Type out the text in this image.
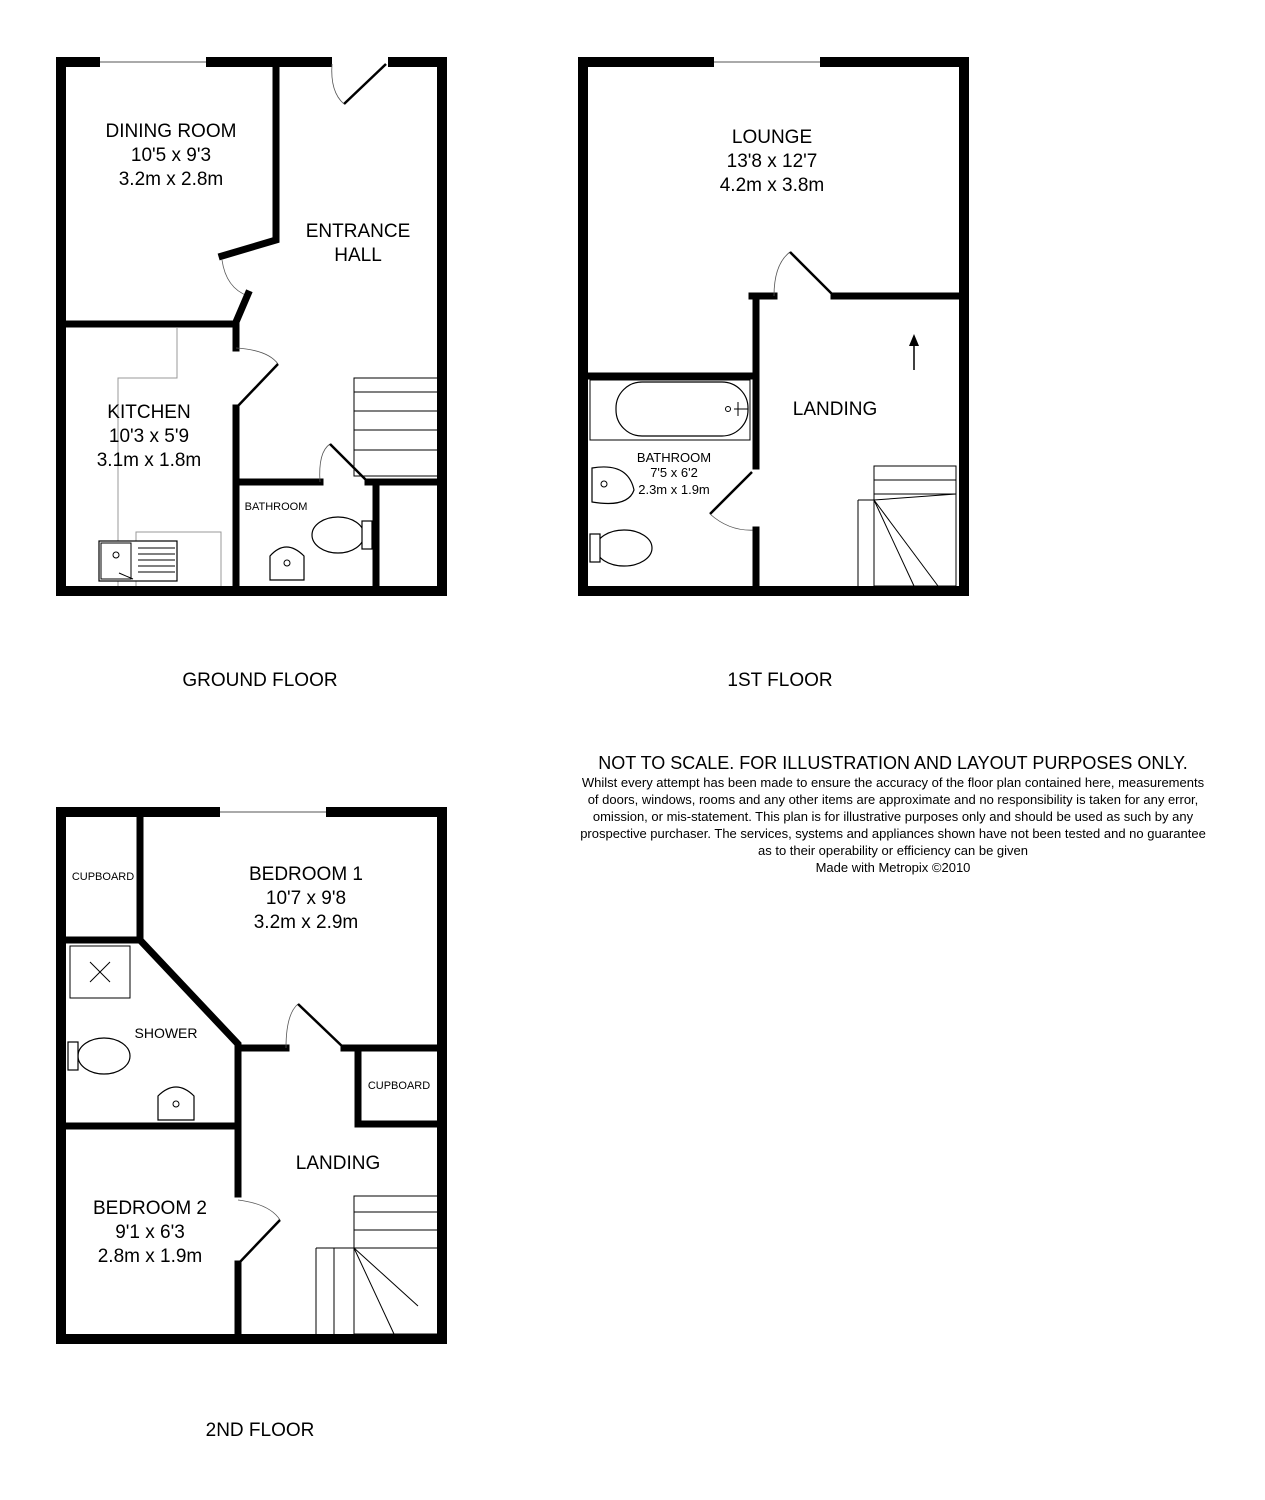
DINING ROOM
10'5 x 9'3
3.2m x 2.8m
ENTRANCE
HALL
KITCHEN
10'3 x 5'9
3.1m x 1.8m
BATHROOM
GROUND FLOOR
LOUNGE
13'8 x 12'7
4.2m x 3.8m
LANDING
BATHROOM
7'5 x 6'2
2.3m x 1.9m
1ST FLOOR
CUPBOARD	BEDROOM 1
10'7 x 9'8
3.2m x 2.9m
SHOWER
CUPBOARD
LANDING
BEDROOM 2
9'1 x 6'3
2.8m x 1.9m
2ND FLOOR
NOT TO SCALE. FOR ILLUSTRATION AND LAYOUT PURPOSES ONLY.
Whilst every attempt has been made to ensure the accuracy of the floor plan contained here, measurements
of doors, windows, rooms and any other items are approximate and no responsibility is taken for any error,
omission, or mis-statement. This plan is for illustrative purposes only and should be used as such by any
prospective purchaser. The services, systems and appliances shown have not been tested and no guarantee
as to their operability or efficiency can be given
Made with Metropix ©2010
